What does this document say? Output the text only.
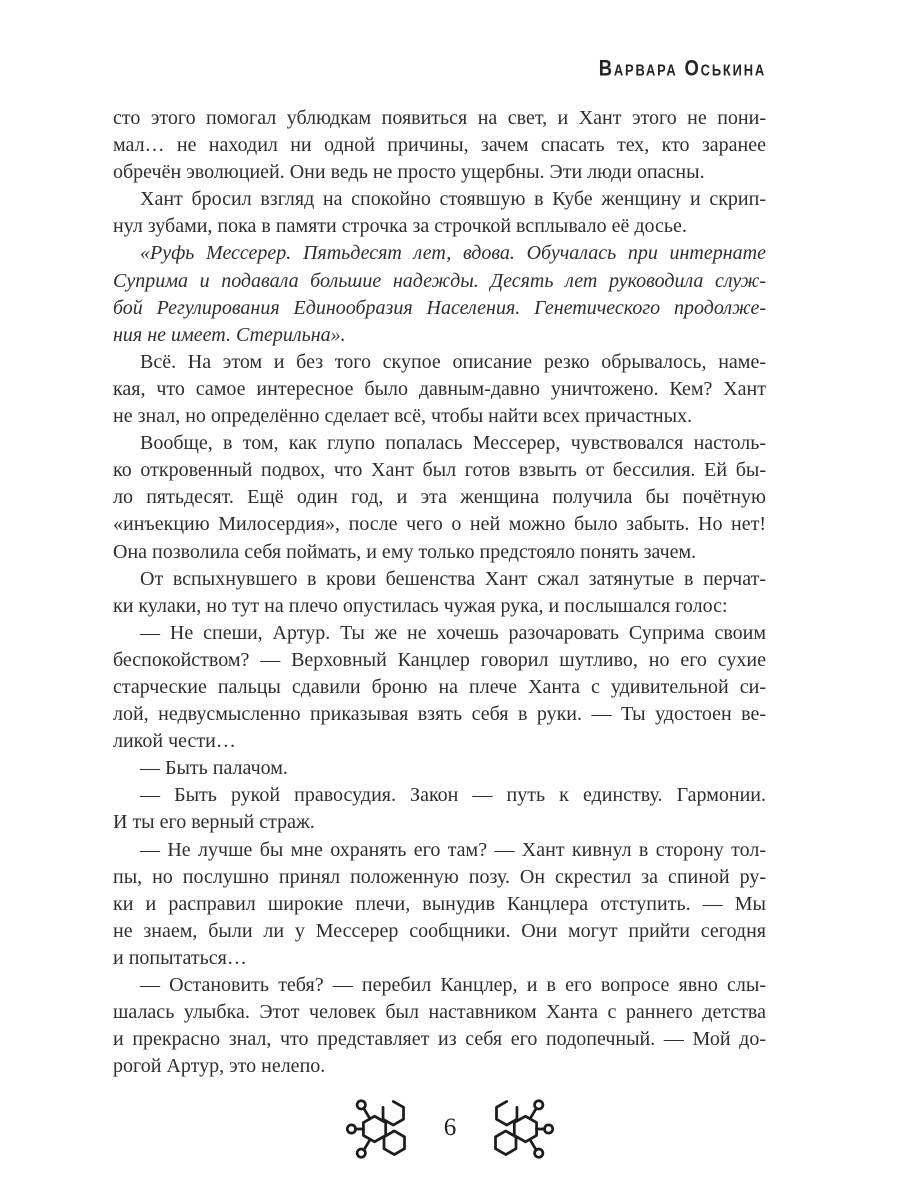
Варвара Оськина
сто этого помогал ублюдкам появиться на свет, и Хант этого не пони-
мал… не находил ни одной причины, зачем спасать тех, кто заранее
обречён эволюцией. Они ведь не просто ущербны. Эти люди опасны.
Хант бросил взгляд на спокойно стоявшую в Кубе женщину и скрип-
нул зубами, пока в памяти строчка за строчкой всплывало её досье.
«Руфь Мессерер. Пятьдесят лет, вдова. Обучалась при интернате
Суприма и подавала большие надежды. Десять лет руководила служ-
бой Регулирования Единообразия Населения. Генетического продолже-
ния не имеет. Стерильна».
Всё. На этом и без того скупое описание резко обрывалось, наме-
кая, что самое интересное было давным-давно уничтожено. Кем? Хант
не знал, но определённо сделает всё, чтобы найти всех причастных.
Вообще, в том, как глупо попалась Мессерер, чувствовался настоль-
ко откровенный подвох, что Хант был готов взвыть от бессилия. Ей бы-
ло пятьдесят. Ещё один год, и эта женщина получила бы почётную
«инъекцию Милосердия», после чего о ней можно было забыть. Но нет!
Она позволила себя поймать, и ему только предстояло понять зачем.
От вспыхнувшего в крови бешенства Хант сжал затянутые в перчат-
ки кулаки, но тут на плечо опустилась чужая рука, и послышался голос:
— Не спеши, Артур. Ты же не хочешь разочаровать Суприма своим
беспокойством? — Верховный Канцлер говорил шутливо, но его сухие
старческие пальцы сдавили броню на плече Ханта с удивительной си-
лой, недвусмысленно приказывая взять себя в руки. — Ты удостоен ве-
ликой чести…
— Быть палачом.
— Быть рукой правосудия. Закон — путь к единству. Гармонии.
И ты его верный страж.
— Не лучше бы мне охранять его там? — Хант кивнул в сторону тол-
пы, но послушно принял положенную позу. Он скрестил за спиной ру-
ки и расправил широкие плечи, вынудив Канцлера отступить. — Мы
не знаем, были ли у Мессерер сообщники. Они могут прийти сегодня
и попытаться…
— Остановить тебя? — перебил Канцлер, и в его вопросе явно слы-
шалась улыбка. Этот человек был наставником Ханта с раннего детства
и прекрасно знал, что представляет из себя его подопечный. — Мой до-
рогой Артур, это нелепо.
6
